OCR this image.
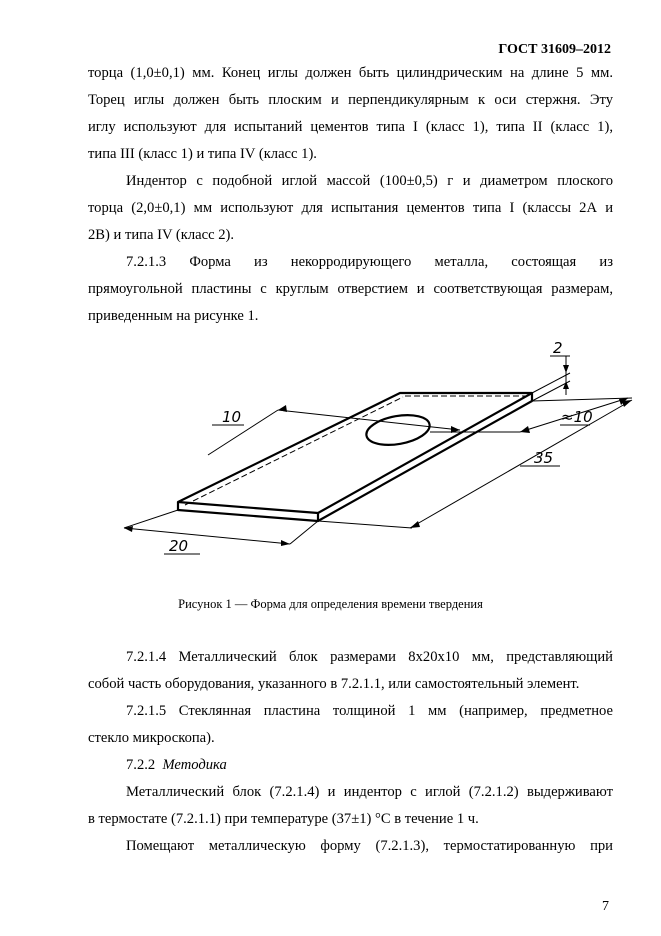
ГОСТ 31609–2012
торца (1,0±0,1) мм. Конец иглы должен быть цилиндрическим на длине 5 мм.
Торец иглы должен быть плоским и перпендикулярным к оси стержня. Эту
иглу используют для испытаний цементов типа I (класс 1), типа II (класс 1),
типа III (класс 1) и типа IV (класс 1).
Индентор с подобной иглой массой (100±0,5) г и диаметром плоского
торца (2,0±0,1) мм используют для испытания цементов типа I (классы 2А и
2В) и типа IV (класс 2).
7.2.1.3 Форма из некорродирующего металла, состоящая из
прямоугольной пластины с круглым отверстием и соответствующая размерам,
приведенным на рисунке 1.
2
10	≈10
35
20
Рисунок 1 — Форма для определения времени твердения
7.2.1.4 Металлический блок размерами 8x20x10 мм, представляющий
собой часть оборудования, указанного в 7.2.1.1, или самостоятельный элемент.
7.2.1.5 Стеклянная пластина толщиной 1 мм (например, предметное
стекло микроскопа).
7.2.2 Методика
Металлический блок (7.2.1.4) и индентор с иглой (7.2.1.2) выдерживают
в термостате (7.2.1.1) при температуре (37±1) °С в течение 1 ч.
Помещают металлическую форму (7.2.1.3), термостатированную при
7
